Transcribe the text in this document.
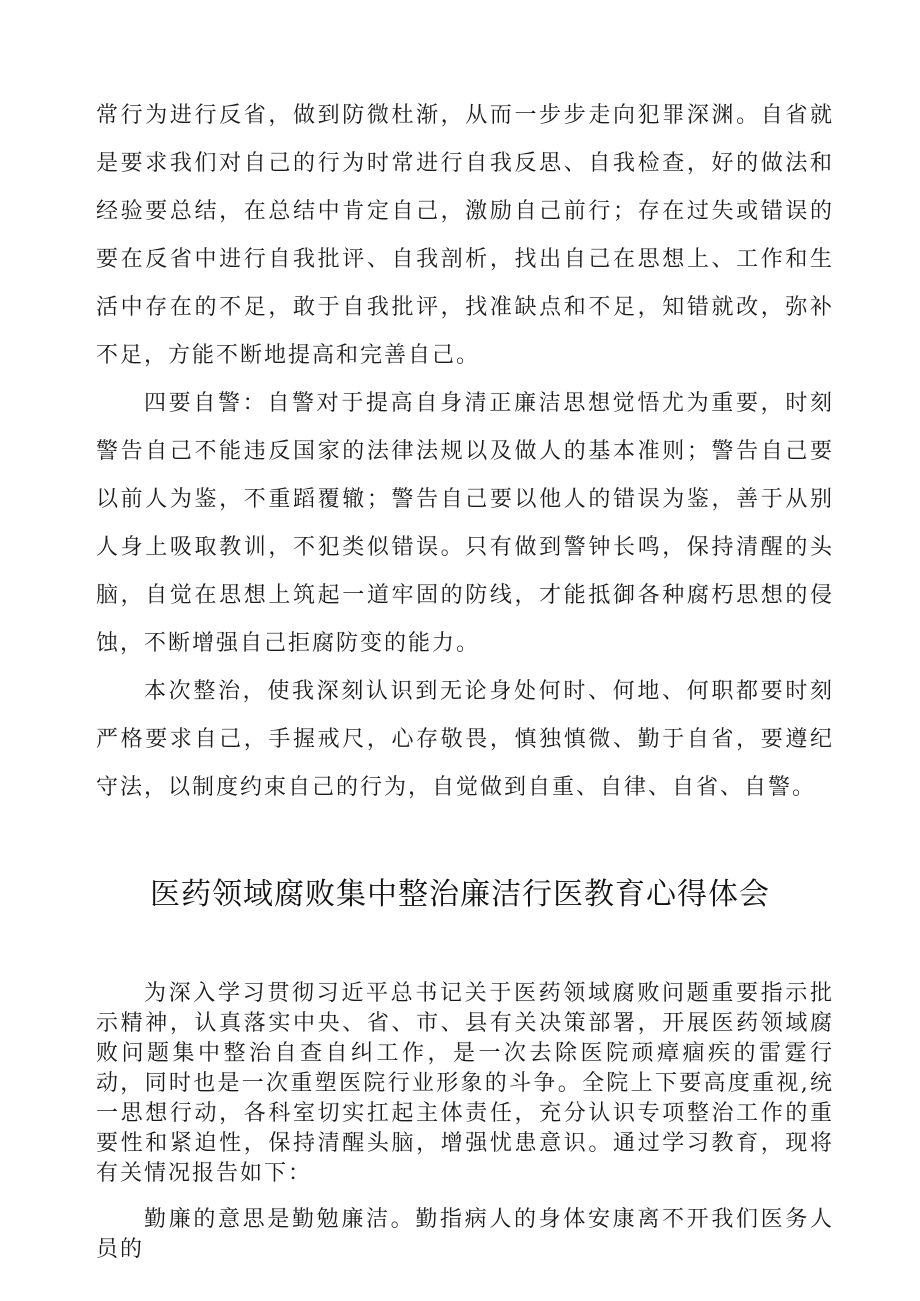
常行为进行反省，做到防微杜渐，从而一步步走向犯罪深渊。自省就是要求我们对自己的行为时常进行自我反思、自我检查，好的做法和经验要总结，在总结中肯定自己，激励自己前行；存在过失或错误的要在反省中进行自我批评、自我剖析，找出自己在思想上、工作和生活中存在的不足，敢于自我批评，找准缺点和不足，知错就改，弥补不足，方能不断地提高和完善自己。

四要自警：自警对于提高自身清正廉洁思想觉悟尤为重要，时刻警告自己不能违反国家的法律法规以及做人的基本准则；警告自己要以前人为鉴，不重蹈覆辙；警告自己要以他人的错误为鉴，善于从别人身上吸取教训，不犯类似错误。只有做到警钟长鸣，保持清醒的头脑，自觉在思想上筑起一道牢固的防线，才能抵御各种腐朽思想的侵蚀，不断增强自己拒腐防变的能力。

本次整治，使我深刻认识到无论身处何时、何地、何职都要时刻严格要求自己，手握戒尺，心存敬畏，慎独慎微、勤于自省，要遵纪守法，以制度约束自己的行为，自觉做到自重、自律、自省、自警。

医药领域腐败集中整治廉洁行医教育心得体会

为深入学习贯彻习近平总书记关于医药领域腐败问题重要指示批示精神，认真落实中央、省、市、县有关决策部署，开展医药领域腐败问题集中整治自查自纠工作，是一次去除医院顽瘴痼疾的雷霆行动，同时也是一次重塑医院行业形象的斗争。全院上下要高度重视,统一思想行动，各科室切实扛起主体责任，充分认识专项整治工作的重要性和紧迫性，保持清醒头脑，增强忧患意识。通过学习教育，现将有关情况报告如下：

勤廉的意思是勤勉廉洁。勤指病人的身体安康离不开我们医务人员的
